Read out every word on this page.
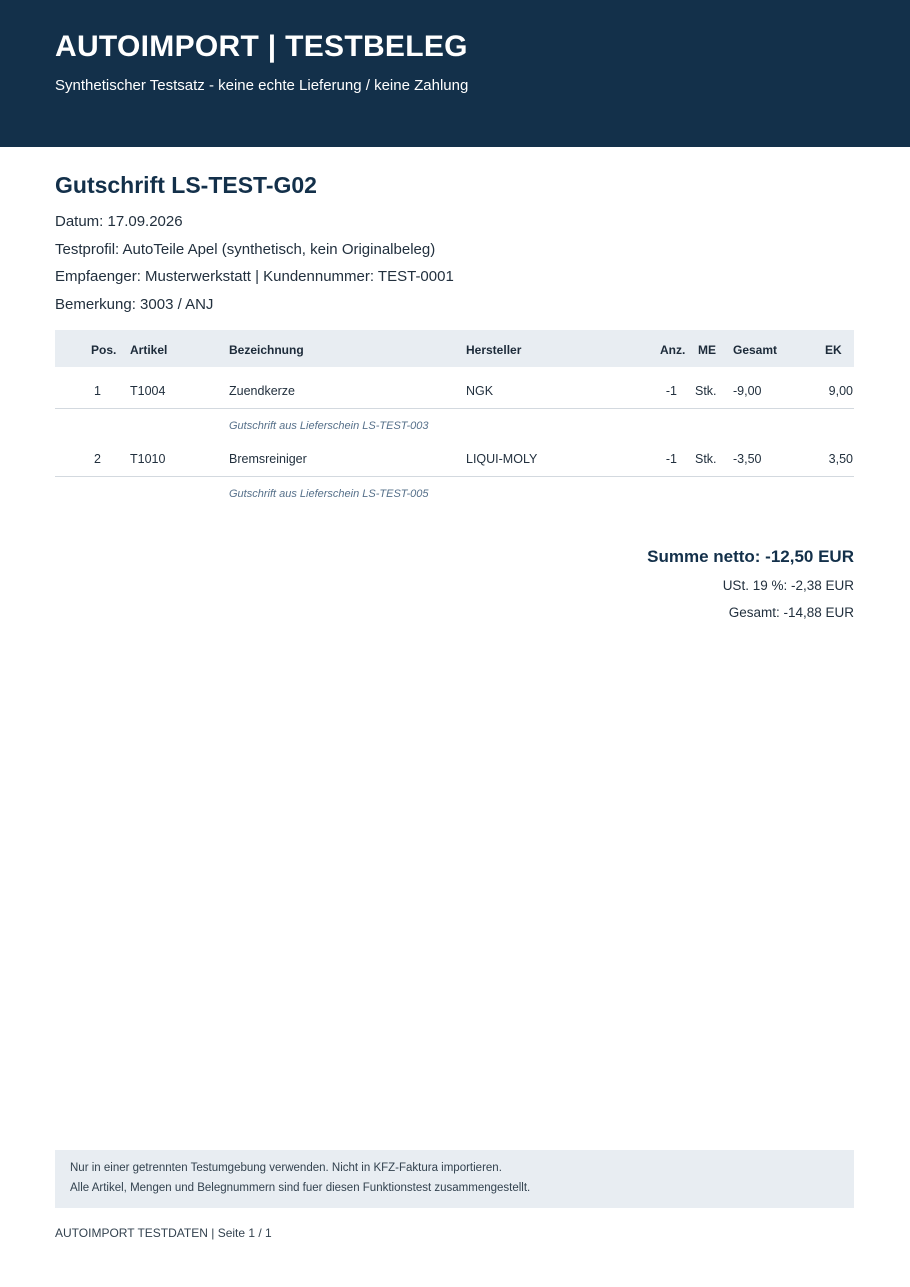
AUTOIMPORT | TESTBELEG
Synthetischer Testsatz - keine echte Lieferung / keine Zahlung
Gutschrift LS-TEST-G02
Datum: 17.09.2026
Testprofil: AutoTeile Apel (synthetisch, kein Originalbeleg)
Empfaenger: Musterwerkstatt | Kundennummer: TEST-0001
Bemerkung: 3003 / ANJ
Pos. Artikel	Bezeichnung	Hersteller	Anz. ME Gesamt	EK
1 T1004	Zuendkerze	NGK	-1 Stk. -9,00	9,00
Gutschrift aus Lieferschein LS-TEST-003
2 T1010	Bremsreiniger	LIQUI-MOLY	-1 Stk. -3,50	3,50
Gutschrift aus Lieferschein LS-TEST-005
Summe netto: -12,50 EUR
USt. 19 %: -2,38 EUR
Gesamt: -14,88 EUR
Nur in einer getrennten Testumgebung verwenden. Nicht in KFZ-Faktura importieren.
Alle Artikel, Mengen und Belegnummern sind fuer diesen Funktionstest zusammengestellt.
AUTOIMPORT TESTDATEN | Seite 1 / 1
